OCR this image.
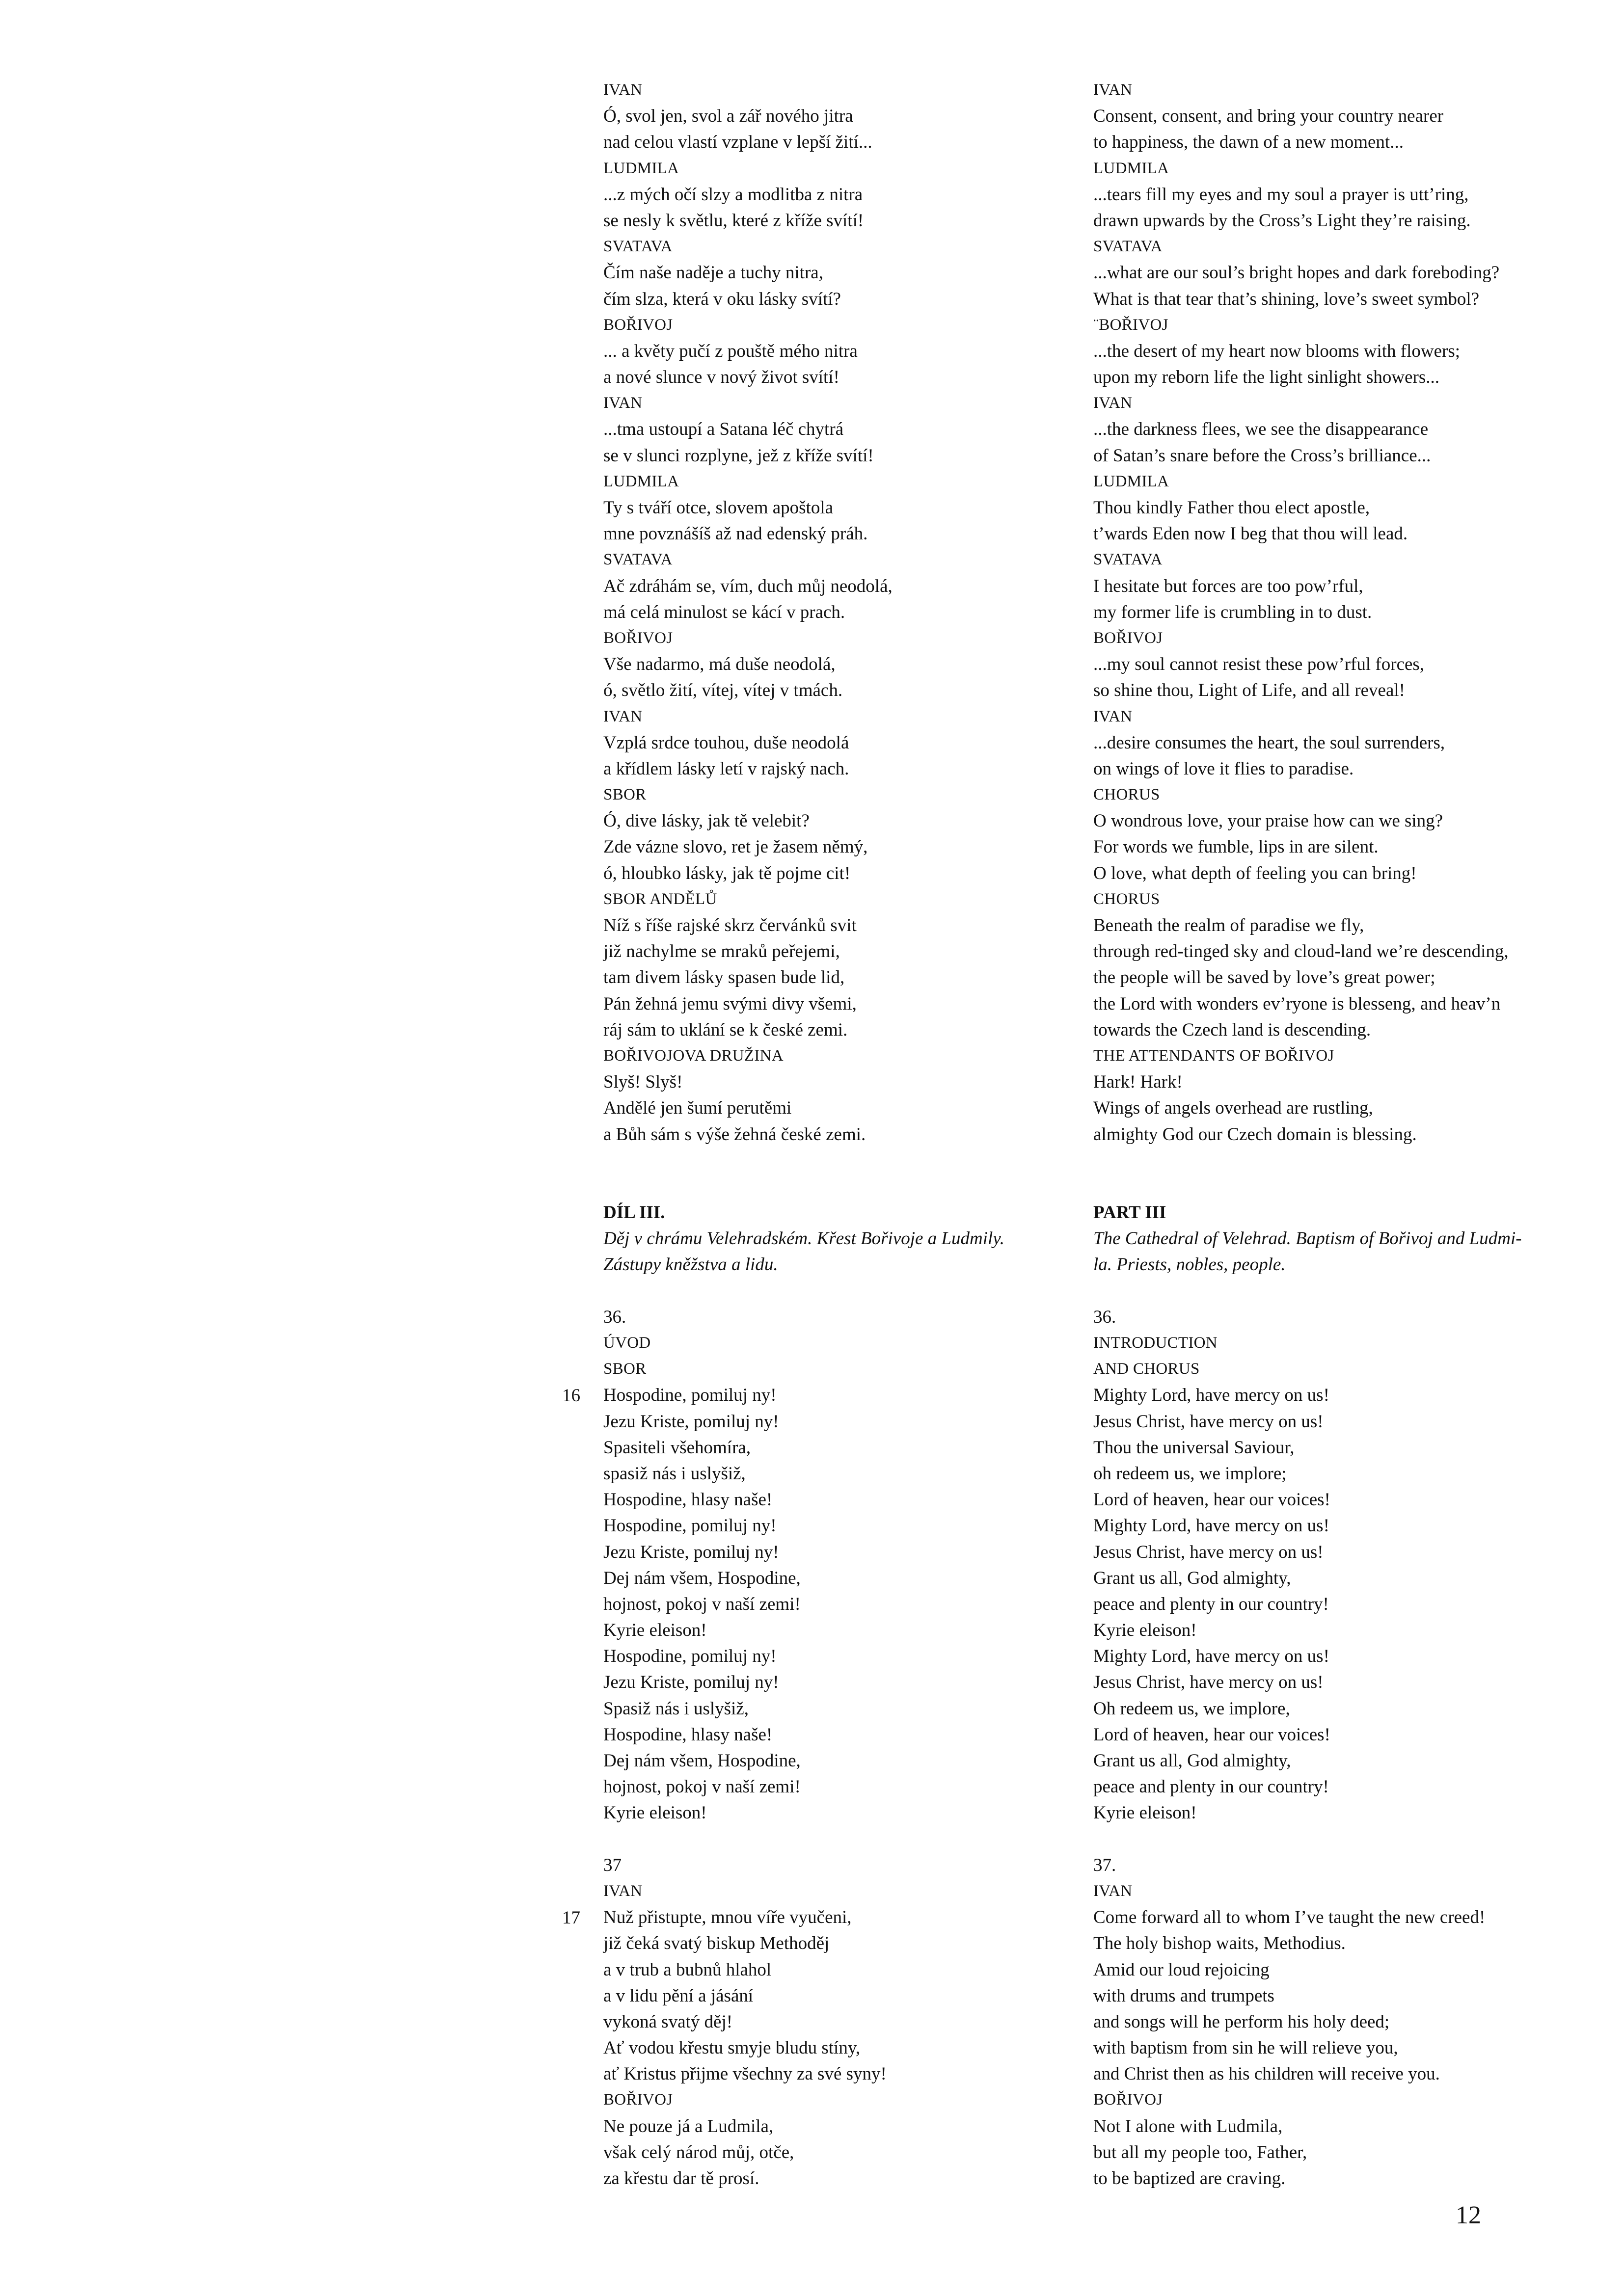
IVAN
Ó, svol jen, svol a zář nového jitra
nad celou vlastí vzplane v lepší žití...
LUDMILA
...z mých očí slzy a modlitba z nitra
se nesly k světlu, které z kříže svítí!
SVATAVA
Čím naše naděje a tuchy nitra,
čím slza, která v oku lásky svítí?
BOŘIVOJ
... a květy pučí z pouště mého nitra
a nové slunce v nový život svítí!
IVAN
...tma ustoupí a Satana léč chytrá
se v slunci rozplyne, jež z kříže svítí!
LUDMILA
Ty s tváří otce, slovem apoštola
mne povznášíš až nad edenský práh.
SVATAVA
Ač zdráhám se, vím, duch můj neodolá,
má celá minulost se kácí v prach.
BOŘIVOJ
Vše nadarmo, má duše neodolá,
ó, světlo žití, vítej, vítej v tmách.
IVAN
Vzplá srdce touhou, duše neodolá
a křídlem lásky letí v rajský nach.
SBOR
Ó, dive lásky, jak tě velebit?
Zde vázne slovo, ret je žasem němý,
ó, hloubko lásky, jak tě pojme cit!
SBOR ANDĚLŮ
Níž s říše rajské skrz červánků svit
již nachylme se mraků peřejemi,
tam divem lásky spasen bude lid,
Pán žehná jemu svými divy všemi,
ráj sám to uklání se k české zemi.
BOŘIVOJOVA DRUŽINA
Slyš! Slyš!
Andělé jen šumí perutěmi
a Bůh sám s výše žehná české zemi.
DÍL III.
Děj v chrámu Velehradském. Křest Bořivoje a Ludmily.
Zástupy kněžstva a lidu.
36.
ÚVOD
SBOR
Hospodine, pomiluj ny!
Jezu Kriste, pomiluj ny!
Spasiteli všehomíra,
spasiž nás i uslyšiž,
Hospodine, hlasy naše!
Hospodine, pomiluj ny!
Jezu Kriste, pomiluj ny!
Dej nám všem, Hospodine,
hojnost, pokoj v naší zemi!
Kyrie eleison!
Hospodine, pomiluj ny!
Jezu Kriste, pomiluj ny!
Spasiž nás i uslyšiž,
Hospodine, hlasy naše!
Dej nám všem, Hospodine,
hojnost, pokoj v naší zemi!
Kyrie eleison!
37
IVAN
Nuž přistupte, mnou víře vyučeni,
již čeká svatý biskup Methoděj
a v trub a bubnů hlahol
a v lidu pění a jásání
vykoná svatý děj!
Ať vodou křestu smyje bludu stíny,
ať Kristus přijme všechny za své syny!
BOŘIVOJ
Ne pouze já a Ludmila,
však celý národ můj, otče,
za křestu dar tě prosí.
IVAN
Consent, consent, and bring your country nearer
to happiness, the dawn of a new moment...
LUDMILA
...tears fill my eyes and my soul a prayer is utt’ring,
drawn upwards by the Cross’s Light they’re raising.
SVATAVA
...what are our soul’s bright hopes and dark foreboding?
What is that tear that’s shining, love’s sweet symbol?
¨BOŘIVOJ
...the desert of my heart now blooms with flowers;
upon my reborn life the light sinlight showers...
IVAN
...the darkness flees, we see the disappearance
of Satan’s snare before the Cross’s brilliance...
LUDMILA
Thou kindly Father thou elect apostle,
t’wards Eden now I beg that thou will lead.
SVATAVA
I hesitate but forces are too pow’rful,
my former life is crumbling in to dust.
BOŘIVOJ
...my soul cannot resist these pow’rful forces,
so shine thou, Light of Life, and all reveal!
IVAN
...desire consumes the heart, the soul surrenders,
on wings of love it flies to paradise.
CHORUS
O wondrous love, your praise how can we sing?
For words we fumble, lips in are silent.
O love, what depth of feeling you can bring!
CHORUS
Beneath the realm of paradise we fly,
through red-tinged sky and cloud-land we’re descending,
the people will be saved by love’s great power;
the Lord with wonders ev’ryone is blesseng, and heav’n
towards the Czech land is descending.
THE ATTENDANTS OF BOŘIVOJ
Hark! Hark!
Wings of angels overhead are rustling,
almighty God our Czech domain is blessing.
PART III
The Cathedral of Velehrad. Baptism of Bořivoj and Ludmi-
la. Priests, nobles, people.
36.
INTRODUCTION
AND CHORUS
Mighty Lord, have mercy on us!
Jesus Christ, have mercy on us!
Thou the universal Saviour,
oh redeem us, we implore;
Lord of heaven, hear our voices!
Mighty Lord, have mercy on us!
Jesus Christ, have mercy on us!
Grant us all, God almighty,
peace and plenty in our country!
Kyrie eleison!
Mighty Lord, have mercy on us!
Jesus Christ, have mercy on us!
Oh redeem us, we implore,
Lord of heaven, hear our voices!
Grant us all, God almighty,
peace and plenty in our country!
Kyrie eleison!
37.
IVAN
Come forward all to whom I’ve taught the new creed!
The holy bishop waits, Methodius.
Amid our loud rejoicing
with drums and trumpets
and songs will he perform his holy deed;
with baptism from sin he will relieve you,
and Christ then as his children will receive you.
BOŘIVOJ
Not I alone with Ludmila,
but all my people too, Father,
to be baptized are craving.
16
17
12
